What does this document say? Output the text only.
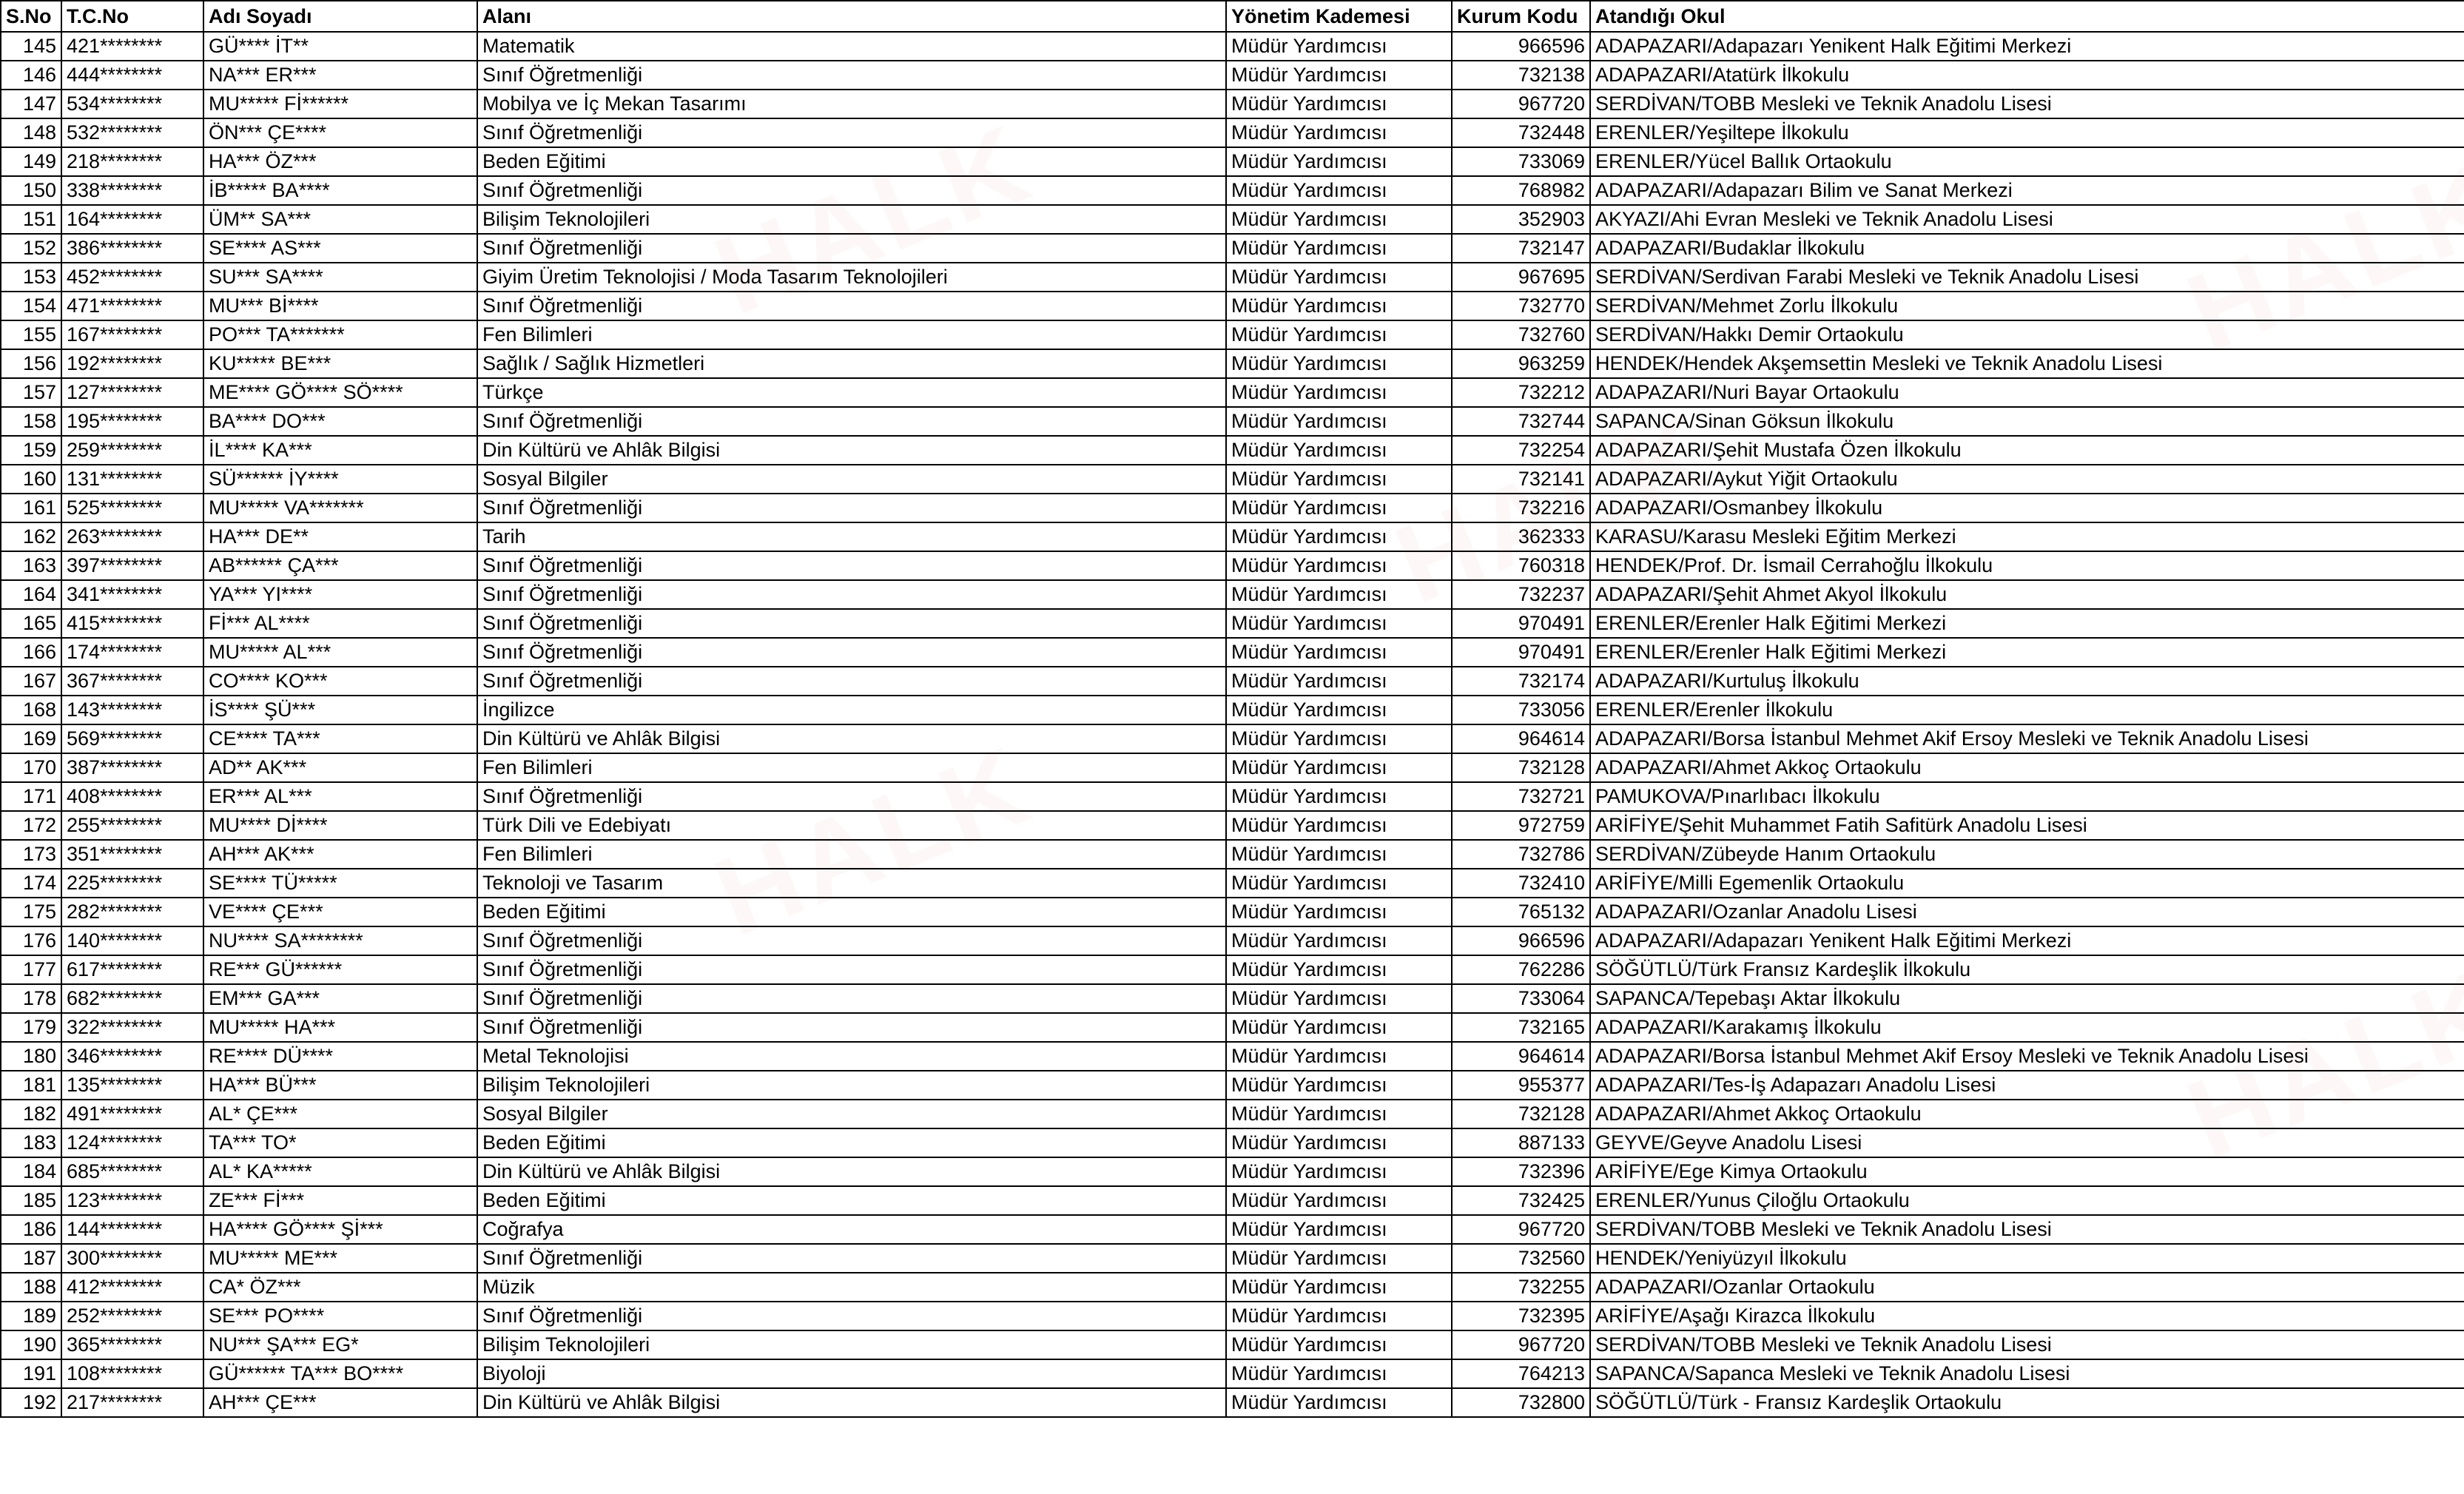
S.No	T.C.No	Adı Soyadı	Alanı	Yönetim Kademesi	Kurum Kodu	Atandığı Okul
145	421********	GÜ**** İT**	Matematik	Müdür Yardımcısı	966596	ADAPAZARI/Adapazarı Yenikent Halk Eğitimi Merkezi
146	444********	NA*** ER***	Sınıf Öğretmenliği	Müdür Yardımcısı	732138	ADAPAZARI/Atatürk İlkokulu
147	534********	MU***** Fİ******	Mobilya ve İç Mekan Tasarımı	Müdür Yardımcısı	967720	SERDİVAN/TOBB Mesleki ve Teknik Anadolu Lisesi
148	532********	ÖN*** ÇE****	Sınıf Öğretmenliği	Müdür Yardımcısı	732448	ERENLER/Yeşiltepe İlkokulu
149	218********	HA*** ÖZ***	Beden Eğitimi	Müdür Yardımcısı	733069	ERENLER/Yücel Ballık Ortaokulu
150	338********	İB***** BA****	Sınıf Öğretmenliği	Müdür Yardımcısı	768982	ADAPAZARI/Adapazarı Bilim ve Sanat Merkezi
151	164********	ÜM** SA***	Bilişim Teknolojileri	Müdür Yardımcısı	352903	AKYAZI/Ahi Evran Mesleki ve Teknik Anadolu Lisesi
152	386********	SE**** AS***	Sınıf Öğretmenliği	Müdür Yardımcısı	732147	ADAPAZARI/Budaklar İlkokulu
153	452********	SU*** SA****	Giyim Üretim Teknolojisi / Moda Tasarım Teknolojileri	Müdür Yardımcısı	967695	SERDİVAN/Serdivan Farabi Mesleki ve Teknik Anadolu Lisesi
154	471********	MU*** Bİ****	Sınıf Öğretmenliği	Müdür Yardımcısı	732770	SERDİVAN/Mehmet Zorlu İlkokulu
155	167********	PO*** TA*******	Fen Bilimleri	Müdür Yardımcısı	732760	SERDİVAN/Hakkı Demir Ortaokulu
156	192********	KU***** BE***	Sağlık / Sağlık Hizmetleri	Müdür Yardımcısı	963259	HENDEK/Hendek Akşemsettin Mesleki ve Teknik Anadolu Lisesi
157	127********	ME**** GÖ**** SÖ****	Türkçe	Müdür Yardımcısı	732212	ADAPAZARI/Nuri Bayar Ortaokulu
158	195********	BA**** DO***	Sınıf Öğretmenliği	Müdür Yardımcısı	732744	SAPANCA/Sinan Göksun İlkokulu
159	259********	İL**** KA***	Din Kültürü ve Ahlâk Bilgisi	Müdür Yardımcısı	732254	ADAPAZARI/Şehit Mustafa Özen İlkokulu
160	131********	SÜ****** İY****	Sosyal Bilgiler	Müdür Yardımcısı	732141	ADAPAZARI/Aykut Yiğit Ortaokulu
161	525********	MU***** VA*******	Sınıf Öğretmenliği	Müdür Yardımcısı	732216	ADAPAZARI/Osmanbey İlkokulu
162	263********	HA*** DE**	Tarih	Müdür Yardımcısı	362333	KARASU/Karasu Mesleki Eğitim Merkezi
163	397********	AB****** ÇA***	Sınıf Öğretmenliği	Müdür Yardımcısı	760318	HENDEK/Prof. Dr. İsmail Cerrahoğlu İlkokulu
164	341********	YA*** YI****	Sınıf Öğretmenliği	Müdür Yardımcısı	732237	ADAPAZARI/Şehit Ahmet Akyol İlkokulu
165	415********	Fİ*** AL****	Sınıf Öğretmenliği	Müdür Yardımcısı	970491	ERENLER/Erenler Halk Eğitimi Merkezi
166	174********	MU***** AL***	Sınıf Öğretmenliği	Müdür Yardımcısı	970491	ERENLER/Erenler Halk Eğitimi Merkezi
167	367********	CO**** KO***	Sınıf Öğretmenliği	Müdür Yardımcısı	732174	ADAPAZARI/Kurtuluş İlkokulu
168	143********	İS**** ŞÜ***	İngilizce	Müdür Yardımcısı	733056	ERENLER/Erenler İlkokulu
169	569********	CE**** TA***	Din Kültürü ve Ahlâk Bilgisi	Müdür Yardımcısı	964614	ADAPAZARI/Borsa İstanbul Mehmet Akif Ersoy Mesleki ve Teknik Anadolu Lisesi
170	387********	AD** AK***	Fen Bilimleri	Müdür Yardımcısı	732128	ADAPAZARI/Ahmet Akkoç Ortaokulu
171	408********	ER*** AL***	Sınıf Öğretmenliği	Müdür Yardımcısı	732721	PAMUKOVA/Pınarlıbacı İlkokulu
172	255********	MU**** Dİ****	Türk Dili ve Edebiyatı	Müdür Yardımcısı	972759	ARİFİYE/Şehit Muhammet Fatih Safitürk Anadolu Lisesi
173	351********	AH*** AK***	Fen Bilimleri	Müdür Yardımcısı	732786	SERDİVAN/Zübeyde Hanım Ortaokulu
174	225********	SE**** TÜ*****	Teknoloji ve Tasarım	Müdür Yardımcısı	732410	ARİFİYE/Milli Egemenlik Ortaokulu
175	282********	VE**** ÇE***	Beden Eğitimi	Müdür Yardımcısı	765132	ADAPAZARI/Ozanlar Anadolu Lisesi
176	140********	NU**** SA********	Sınıf Öğretmenliği	Müdür Yardımcısı	966596	ADAPAZARI/Adapazarı Yenikent Halk Eğitimi Merkezi
177	617********	RE*** GÜ******	Sınıf Öğretmenliği	Müdür Yardımcısı	762286	SÖĞÜTLÜ/Türk Fransız Kardeşlik İlkokulu
178	682********	EM*** GA***	Sınıf Öğretmenliği	Müdür Yardımcısı	733064	SAPANCA/Tepebaşı Aktar İlkokulu
179	322********	MU***** HA***	Sınıf Öğretmenliği	Müdür Yardımcısı	732165	ADAPAZARI/Karakamış İlkokulu
180	346********	RE**** DÜ****	Metal Teknolojisi	Müdür Yardımcısı	964614	ADAPAZARI/Borsa İstanbul Mehmet Akif Ersoy Mesleki ve Teknik Anadolu Lisesi
181	135********	HA*** BÜ***	Bilişim Teknolojileri	Müdür Yardımcısı	955377	ADAPAZARI/Tes-İş Adapazarı Anadolu Lisesi
182	491********	AL* ÇE***	Sosyal Bilgiler	Müdür Yardımcısı	732128	ADAPAZARI/Ahmet Akkoç Ortaokulu
183	124********	TA*** TO*	Beden Eğitimi	Müdür Yardımcısı	887133	GEYVE/Geyve Anadolu Lisesi
184	685********	AL* KA*****	Din Kültürü ve Ahlâk Bilgisi	Müdür Yardımcısı	732396	ARİFİYE/Ege Kimya Ortaokulu
185	123********	ZE*** Fİ***	Beden Eğitimi	Müdür Yardımcısı	732425	ERENLER/Yunus Çiloğlu Ortaokulu
186	144********	HA**** GÖ**** Şİ***	Coğrafya	Müdür Yardımcısı	967720	SERDİVAN/TOBB Mesleki ve Teknik Anadolu Lisesi
187	300********	MU***** ME***	Sınıf Öğretmenliği	Müdür Yardımcısı	732560	HENDEK/Yeniyüzyıl İlkokulu
188	412********	CA* ÖZ***	Müzik	Müdür Yardımcısı	732255	ADAPAZARI/Ozanlar Ortaokulu
189	252********	SE*** PO****	Sınıf Öğretmenliği	Müdür Yardımcısı	732395	ARİFİYE/Aşağı Kirazca İlkokulu
190	365********	NU*** ŞA*** EG*	Bilişim Teknolojileri	Müdür Yardımcısı	967720	SERDİVAN/TOBB Mesleki ve Teknik Anadolu Lisesi
191	108********	GÜ****** TA*** BO****	Biyoloji	Müdür Yardımcısı	764213	SAPANCA/Sapanca Mesleki ve Teknik Anadolu Lisesi
192	217********	AH*** ÇE***	Din Kültürü ve Ahlâk Bilgisi	Müdür Yardımcısı	732800	SÖĞÜTLÜ/Türk - Fransız Kardeşlik Ortaokulu
